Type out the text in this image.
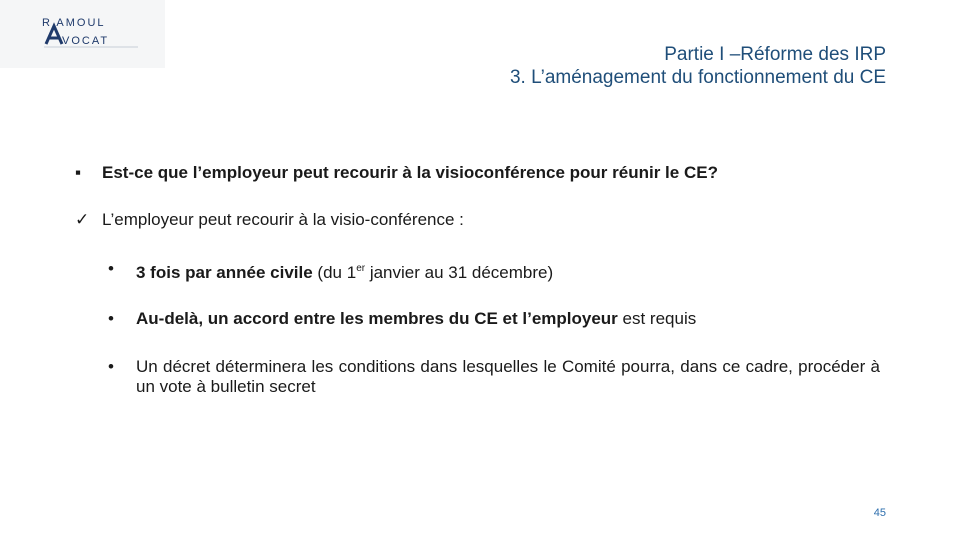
R AMOUL
VOCAT
Partie I –Réforme des IRP
3. L’aménagement du fonctionnement du CE
▪ Est-ce que l’employeur peut recourir à la visioconférence pour réunir le CE?
✓ L’employeur peut recourir à la visio-conférence :
• 3 fois par année civile (du 1er janvier au 31 décembre)
• Au-delà, un accord entre les membres du CE et l’employeur est requis
• Un décret déterminera les conditions dans lesquelles le Comité pourra, dans ce cadre, procéder à un vote à bulletin secret
45
